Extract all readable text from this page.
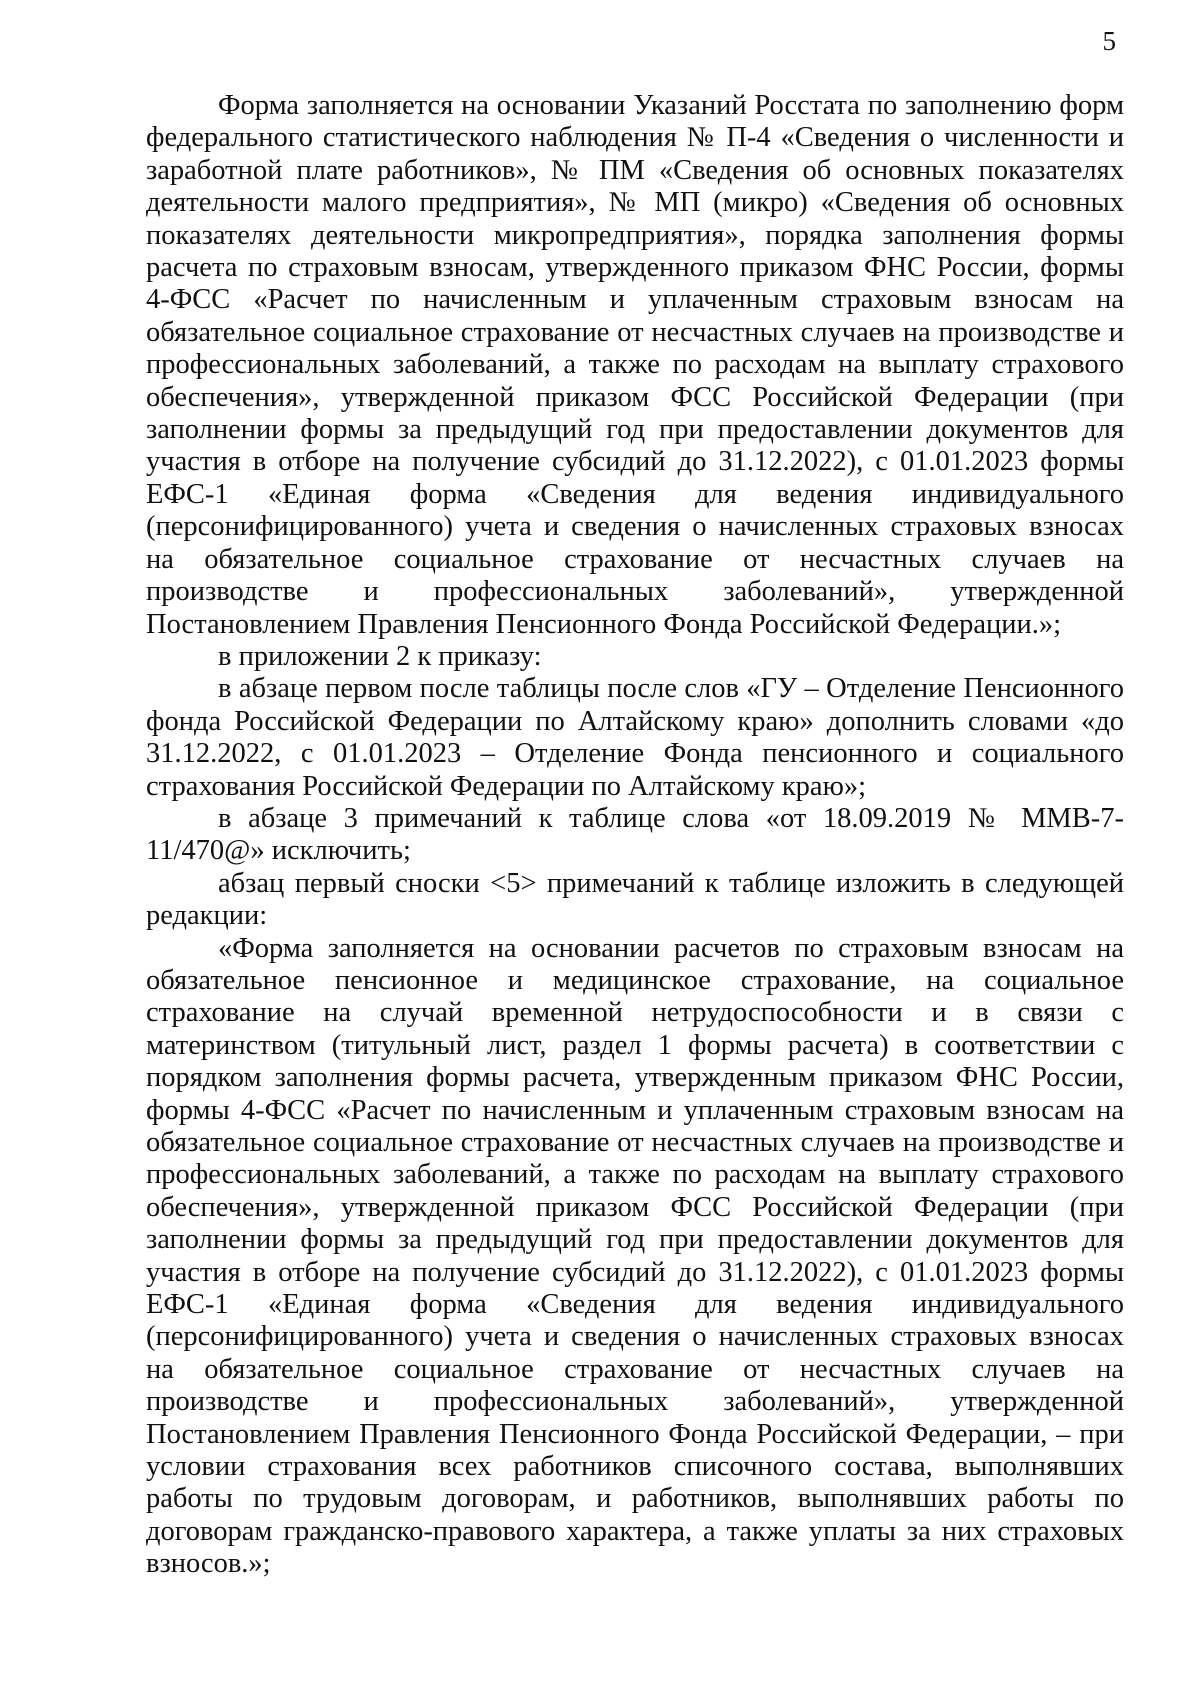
5

Форма заполняется на основании Указаний Росстата по заполнению форм федерального статистического наблюдения № П-4 «Сведения о численности и заработной плате работников», № ПМ «Сведения об основных показателях деятельности малого предприятия», № МП (микро) «Сведения об основных показателях деятельности микропредприятия», порядка заполнения формы расчета по страховым взносам, утвержденного приказом ФНС России, формы 4-ФСС «Расчет по начисленным и уплаченным страховым взносам на обязательное социальное страхование от несчастных случаев на производстве и профессиональных заболеваний, а также по расходам на выплату страхового обеспечения», утвержденной приказом ФСС Российской Федерации (при заполнении формы за предыдущий год при предоставлении документов для участия в отборе на получение субсидий до 31.12.2022), с 01.01.2023 формы ЕФС-1 «Единая форма «Сведения для ведения индивидуального (персонифицированного) учета и сведения о начисленных страховых взносах на обязательное социальное страхование от несчастных случаев на производстве и профессиональных заболеваний», утвержденной Постановлением Правления Пенсионного Фонда Российской Федерации.»;

в приложении 2 к приказу:

в абзаце первом после таблицы после слов «ГУ – Отделение Пенсионного фонда Российской Федерации по Алтайскому краю» дополнить словами «до 31.12.2022, с 01.01.2023 – Отделение Фонда пенсионного и социального страхования Российской Федерации по Алтайскому краю»;

в абзаце 3 примечаний к таблице слова «от 18.09.2019 № ММВ-7-11/470@» исключить;

абзац первый сноски <5> примечаний к таблице изложить в следующей редакции:

«Форма заполняется на основании расчетов по страховым взносам на обязательное пенсионное и медицинское страхование, на социальное страхование на случай временной нетрудоспособности и в связи с материнством (титульный лист, раздел 1 формы расчета) в соответствии с порядком заполнения формы расчета, утвержденным приказом ФНС России, формы 4-ФСС «Расчет по начисленным и уплаченным страховым взносам на обязательное социальное страхование от несчастных случаев на производстве и профессиональных заболеваний, а также по расходам на выплату страхового обеспечения», утвержденной приказом ФСС Российской Федерации (при заполнении формы за предыдущий год при предоставлении документов для участия в отборе на получение субсидий до 31.12.2022), с 01.01.2023 формы ЕФС-1 «Единая форма «Сведения для ведения индивидуального (персонифицированного) учета и сведения о начисленных страховых взносах на обязательное социальное страхование от несчастных случаев на производстве и профессиональных заболеваний», утвержденной Постановлением Правления Пенсионного Фонда Российской Федерации, – при условии страхования всех работников списочного состава, выполнявших работы по трудовым договорам, и работников, выполнявших работы по договорам гражданско-правового характера, а также уплаты за них страховых взносов.»;
